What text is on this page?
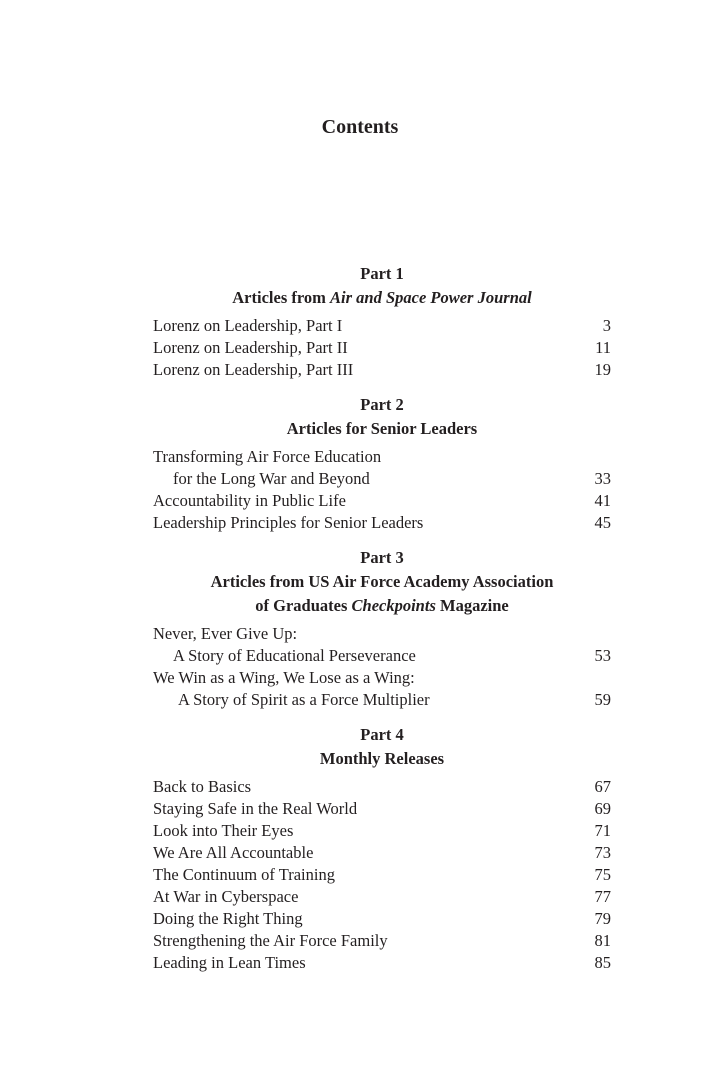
Contents
Part 1
Articles from Air and Space Power Journal
Lorenz on Leadership, Part I	3
Lorenz on Leadership, Part II	11
Lorenz on Leadership, Part III	19
Part 2
Articles for Senior Leaders
Transforming Air Force Education
for the Long War and Beyond	33
Accountability in Public Life	41
Leadership Principles for Senior Leaders	45
Part 3
Articles from US Air Force Academy Association
of Graduates Checkpoints Magazine
Never, Ever Give Up:
A Story of Educational Perseverance	53
We Win as a Wing, We Lose as a Wing:
A Story of Spirit as a Force Multiplier	59
Part 4
Monthly Releases
Back to Basics	67
Staying Safe in the Real World	69
Look into Their Eyes	71
We Are All Accountable	73
The Continuum of Training	75
At War in Cyberspace	77
Doing the Right Thing	79
Strengthening the Air Force Family	81
Leading in Lean Times	85
